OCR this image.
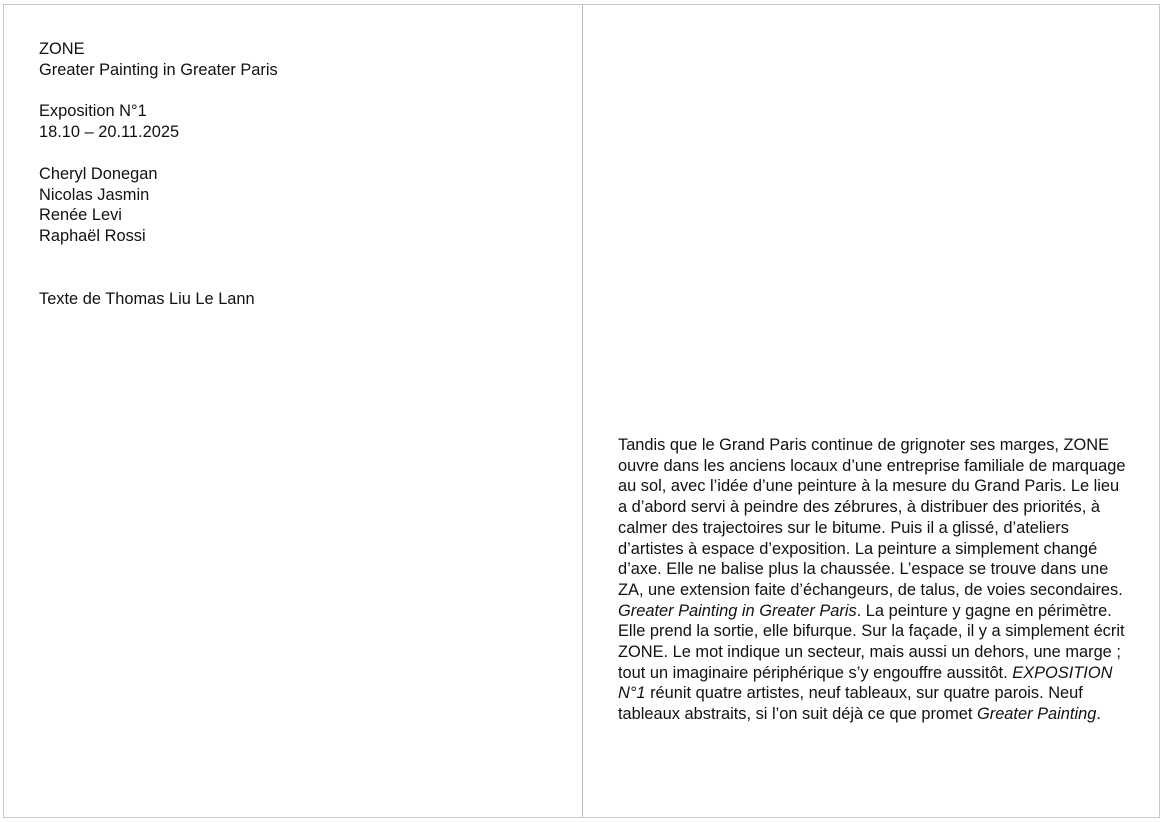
ZONE
Greater Painting in Greater Paris
Exposition N°1
18.10 – 20.11.2025
Cheryl Donegan
Nicolas Jasmin
Renée Levi
Raphaël Rossi
Texte de Thomas Liu Le Lann

Tandis que le Grand Paris continue de grignoter ses marges, ZONE ouvre dans les anciens locaux d’une entreprise familiale de marquage au sol, avec l’idée d’une peinture à la mesure du Grand Paris. Le lieu a d’abord servi à peindre des zébrures, à distribuer des priorités, à calmer des trajectoires sur le bitume. Puis il a glissé, d’ateliers d’artistes à espace d’exposition. La peinture a simplement changé d’axe. Elle ne balise plus la chaussée. L’espace se trouve dans une ZA, une extension faite d’échangeurs, de talus, de voies secondaires. Greater Painting in Greater Paris. La peinture y gagne en périmètre. Elle prend la sortie, elle bifurque. Sur la façade, il y a simplement écrit ZONE. Le mot indique un secteur, mais aussi un dehors, une marge ; tout un imaginaire périphérique s’y engouffre aussitôt. EXPOSITION N°1 réunit quatre artistes, neuf tableaux, sur quatre parois. Neuf tableaux abstraits, si l’on suit déjà ce que promet Greater Painting.
